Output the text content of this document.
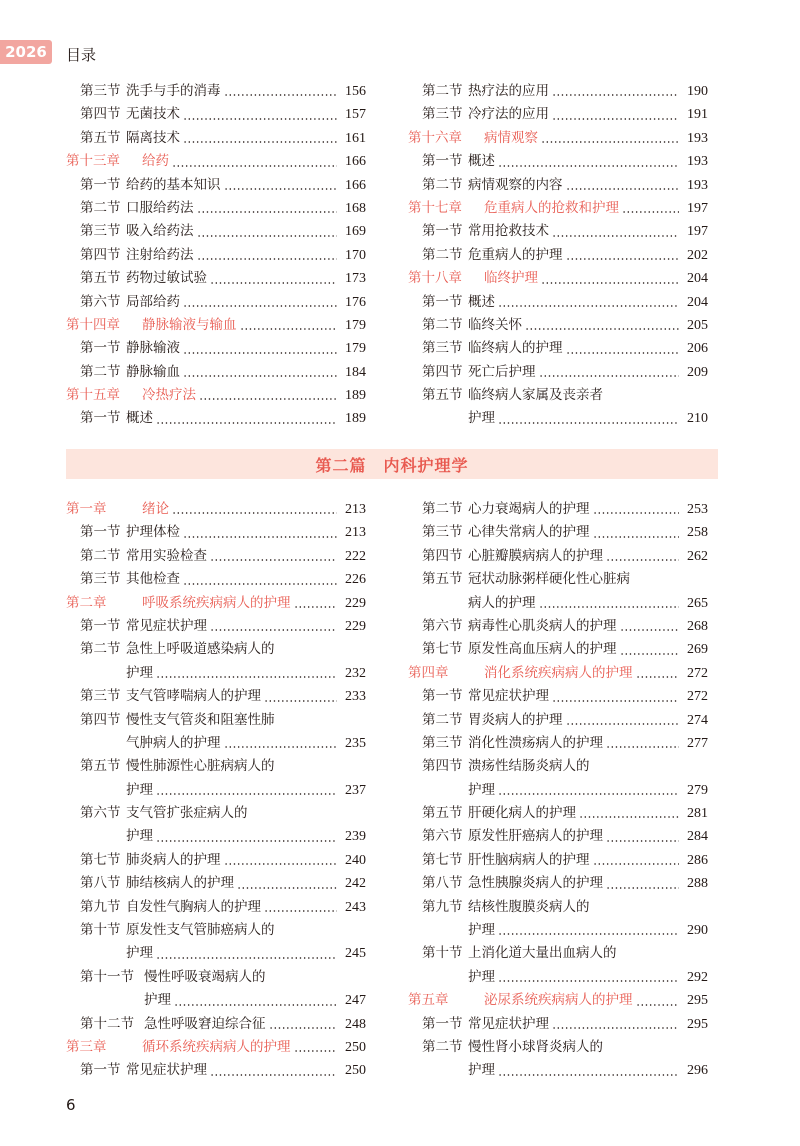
2026	目录
第三节 洗手与手的消毒	156
第四节 无菌技术	157
第五节 隔离技术	161
第十三章	给药	166
第一节 给药的基本知识	166
第二节 口服给药法	168
第三节 吸入给药法	169
第四节 注射给药法	170
第五节 药物过敏试验	173
第六节 局部给药	176
第十四章	静脉输液与输血	179
第一节 静脉输液	179
第二节 静脉输血	184
第十五章	冷热疗法	189
第一节 概述	189
第二节 热疗法的应用	190
第三节 冷疗法的应用	191
第十六章	病情观察	193
第一节 概述	193
第二节 病情观察的内容	193
第十七章	危重病人的抢救和护理	197
第一节 常用抢救技术	197
第二节 危重病人的护理	202
第十八章	临终护理	204
第一节 概述	204
第二节 临终关怀	205
第三节 临终病人的护理	206
第四节 死亡后护理	209
第五节 临终病人家属及丧亲者
护理	210
第二篇　内科护理学
第一章	绪论	213
第一节 护理体检	213
第二节 常用实验检查	222
第三节 其他检查	226
第二章	呼吸系统疾病病人的护理	229
第一节 常见症状护理	229
第二节 急性上呼吸道感染病人的
护理	232
第三节 支气管哮喘病人的护理	233
第四节 慢性支气管炎和阻塞性肺
气肿病人的护理	235
第五节 慢性肺源性心脏病病人的
护理	237
第六节 支气管扩张症病人的
护理	239
第七节 肺炎病人的护理	240
第八节 肺结核病人的护理	242
第九节 自发性气胸病人的护理	243
第十节 原发性支气管肺癌病人的
护理	245
第十一节 慢性呼吸衰竭病人的
护理	247
第十二节 急性呼吸窘迫综合征	248
第三章	循环系统疾病病人的护理	250
第一节 常见症状护理	250
第二节 心力衰竭病人的护理	253
第三节 心律失常病人的护理	258
第四节 心脏瓣膜病病人的护理	262
第五节 冠状动脉粥样硬化性心脏病
病人的护理	265
第六节 病毒性心肌炎病人的护理	268
第七节 原发性高血压病人的护理	269
第四章	消化系统疾病病人的护理	272
第一节 常见症状护理	272
第二节 胃炎病人的护理	274
第三节 消化性溃疡病人的护理	277
第四节 溃疡性结肠炎病人的
护理	279
第五节 肝硬化病人的护理	281
第六节 原发性肝癌病人的护理	284
第七节 肝性脑病病人的护理	286
第八节 急性胰腺炎病人的护理	288
第九节 结核性腹膜炎病人的
护理	290
第十节 上消化道大量出血病人的
护理	292
第五章	泌尿系统疾病病人的护理	295
第一节 常见症状护理	295
第二节 慢性肾小球肾炎病人的
护理	296
6
